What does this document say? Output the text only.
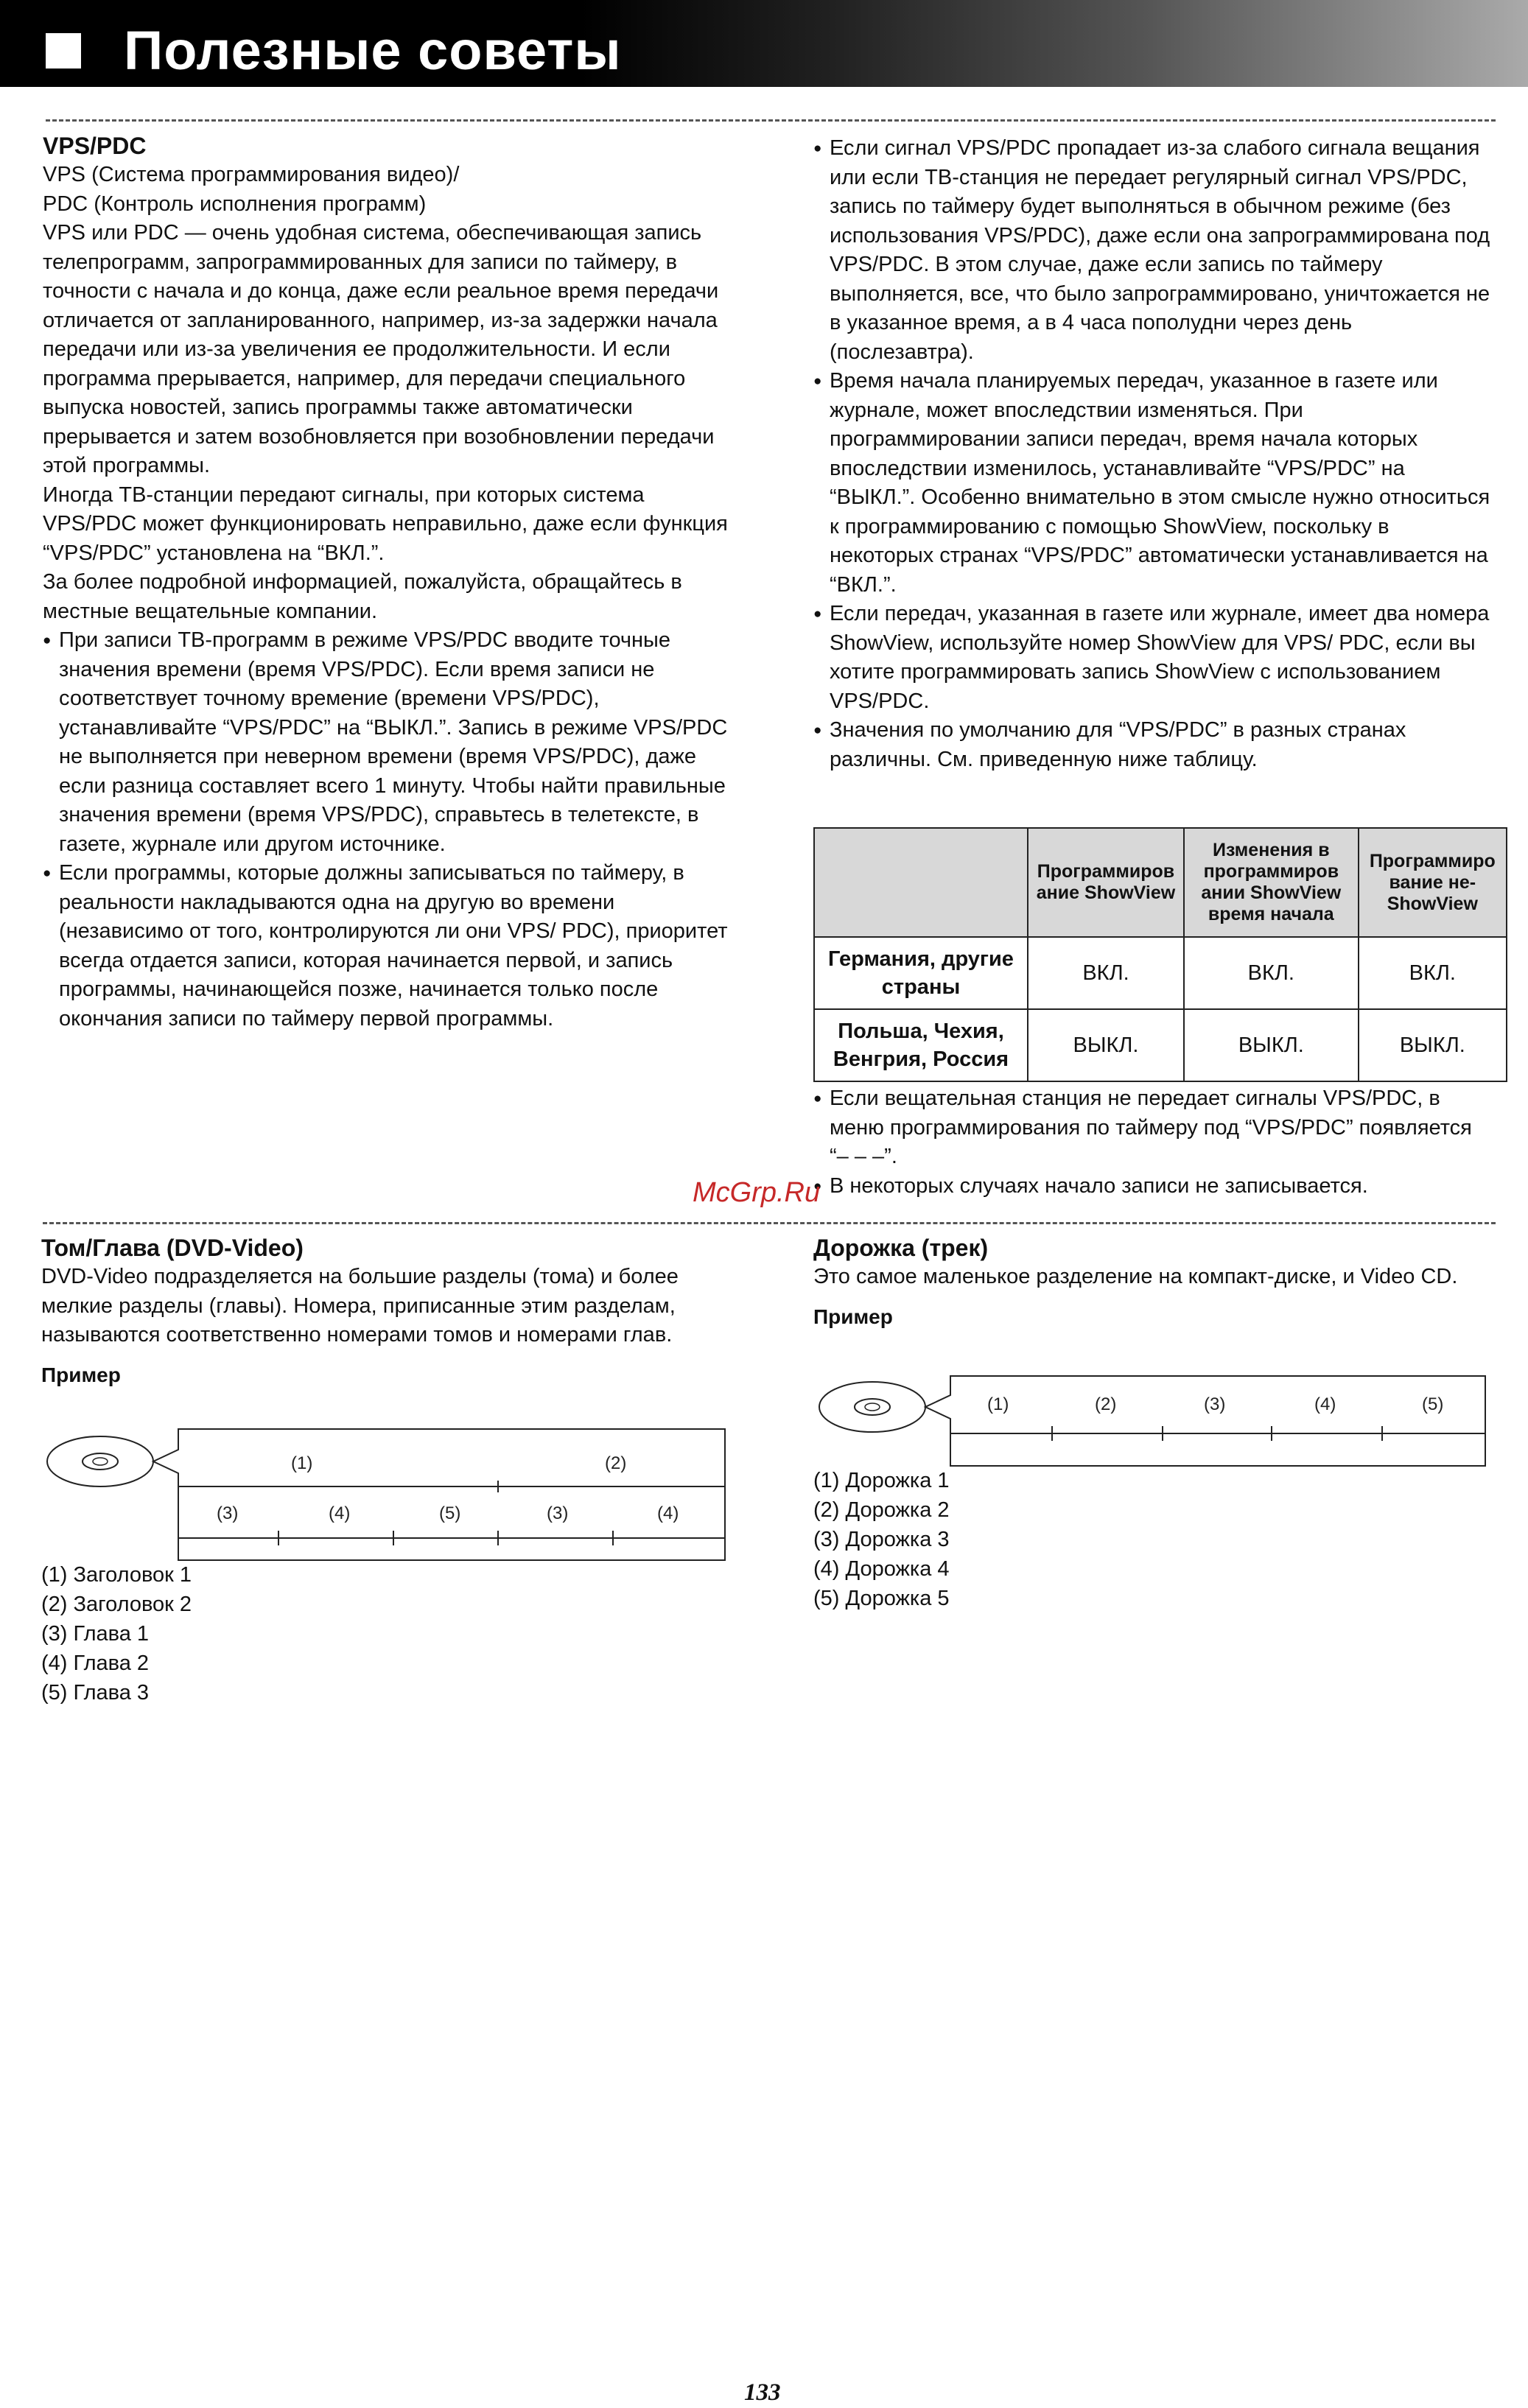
Полезные советы

VPS/PDC

VPS (Система программирования видео)/

PDC (Контроль исполнения программ)

VPS или PDC — очень удобная система, обеспечивающая запись телепрограмм, запрограммированных для записи по таймеру, в точности с начала и до конца, даже если реальное время передачи отличается от запланированного, например, из-за задержки начала передачи или из-за увеличения ее продолжительности. И если программа прерывается, например, для передачи специального выпуска новостей, запись программы также автоматически прерывается и затем возобновляется при возобновлении передачи этой программы.

Иногда ТВ-станции передают сигналы, при которых система VPS/PDC может функционировать неправильно, даже если функция “VPS/PDC” установлена на “ВКЛ.”.

За более подробной информацией, пожалуйста, обращайтесь в местные вещательные компании.

● При записи ТВ-программ в режиме VPS/PDC вводите точные значения времени (время VPS/PDC). Если время записи не соответствует точному времение (времени VPS/PDC), устанавливайте “VPS/PDC” на “ВЫКЛ.”. Запись в режиме VPS/PDC не выполняется при неверном времени (время VPS/PDC), даже если разница составляет всего 1 минуту. Чтобы найти правильные значения времени (время VPS/PDC), справьтесь в телетексте, в газете, журнале или другом источнике.

● Если программы, которые должны записываться по таймеру, в реальности накладываются одна на другую во времени (независимо от того, контролируются ли они VPS/ PDC), приоритет всегда отдается записи, которая начинается первой, и запись программы, начинающейся позже, начинается только после окончания записи по таймеру первой программы.

● Если сигнал VPS/PDC пропадает из-за слабого сигнала вещания или если ТВ-станция не передает регулярный сигнал VPS/PDC, запись по таймеру будет выполняться в обычном режиме (без использования VPS/PDC), даже если она запрограммирована под VPS/PDC. В этом случае, даже если запись по таймеру выполняется, все, что было запрограммировано, уничтожается не в указанное время, а в 4 часа пополудни через день (послезавтра).

● Время начала планируемых передач, указанное в газете или журнале, может впоследствии изменяться. При программировании записи передач, время начала которых впоследствии изменилось, устанавливайте “VPS/PDC” на “ВЫКЛ.”. Особенно внимательно в этом смысле нужно относиться к программированию с помощью ShowView, поскольку в некоторых странах “VPS/PDC” автоматически устанавливается на “ВКЛ.”.

● Если передач, указанная в газете или журнале, имеет два номера ShowView, используйте номер ShowView для VPS/ PDC, если вы хотите программировать запись ShowView с использованием VPS/PDC.

● Значения по умолчанию для “VPS/PDC” в разных странах различны. См. приведенную ниже таблицу.

	Программиров ание ShowView	Изменения в программиров ании ShowView время начала	Программиро вание не- ShowView
Германия, другие страны	ВКЛ.	ВКЛ.	ВКЛ.
Польша, Чехия, Венгрия, Россия	ВЫКЛ.	ВЫКЛ.	ВЫКЛ.

● Если вещательная станция не передает сигналы VPS/PDC, в меню программирования по таймеру под “VPS/PDC” появляется “– – –”.

● В некоторых случаях начало записи не записывается.

McGrp.Ru

Том/Глава (DVD-Video)

DVD-Video подразделяется на большие разделы (тома) и более мелкие разделы (главы). Номера, приписанные этим разделам, называются соответственно номерами томов и номерами глав.

Пример

(1)	(2)
(3)	(4)	(5)	(3)	(4)

(1) Заголовок 1

(2) Заголовок 2

(3) Глава 1

(4) Глава 2

(5) Глава 3

Дорожка (трек)

Это самое маленькое разделение на компакт-диске, и Video CD.

Пример

(1)	(2)	(3)	(4)	(5)

(1) Дорожка 1

(2) Дорожка 2

(3) Дорожка 3

(4) Дорожка 4

(5) Дорожка 5

133
